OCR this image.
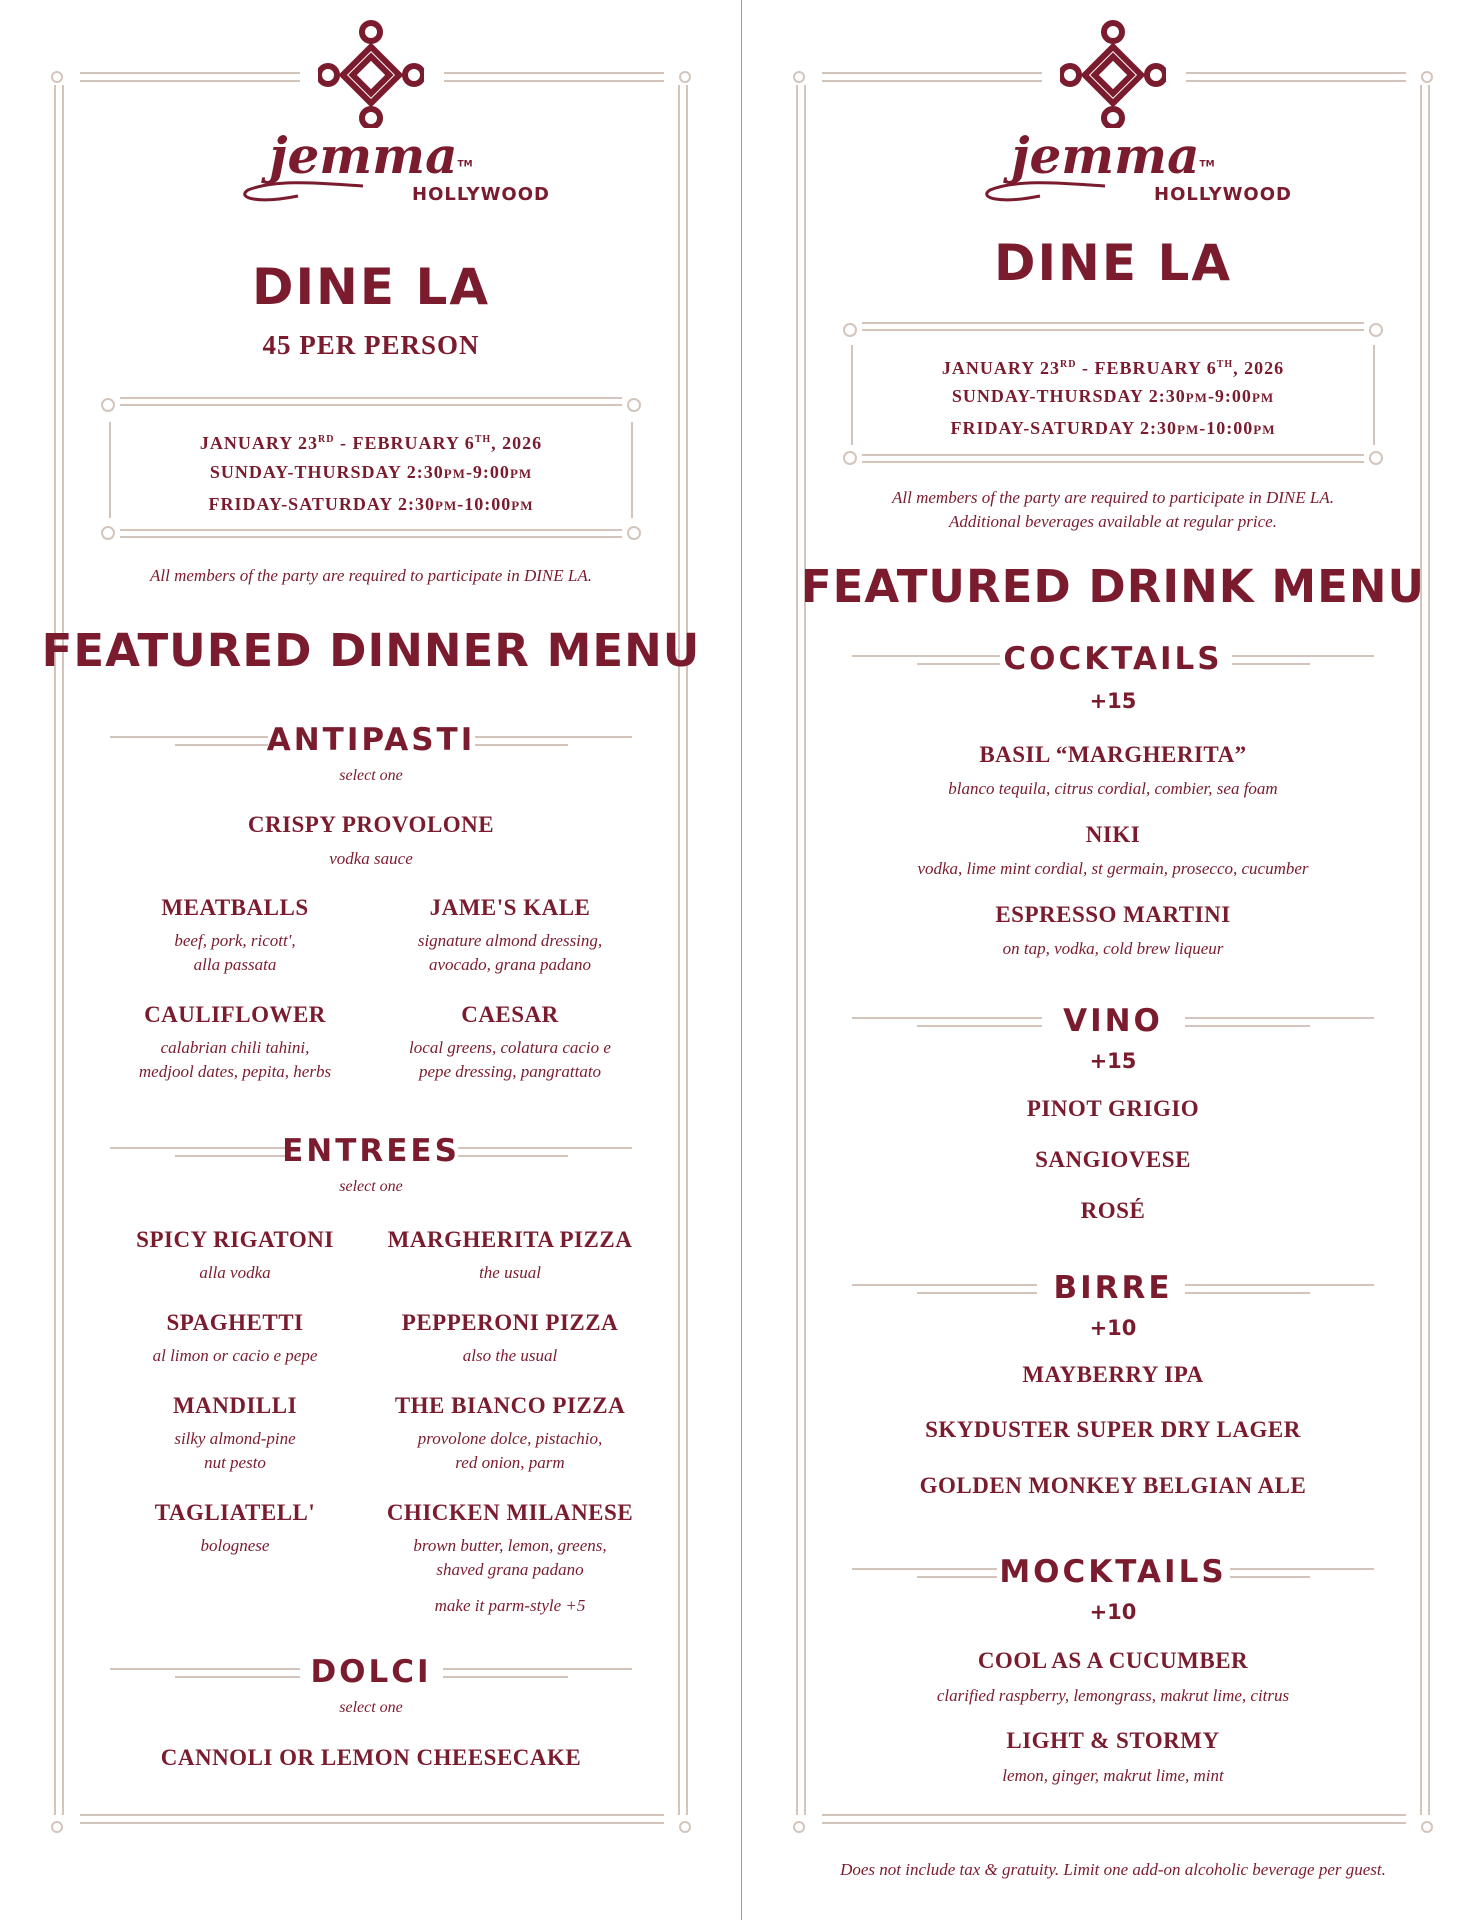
jemma™
HOLLYWOOD
DINE LA
45 PER PERSON
JANUARY 23RD - FEBRUARY 6TH, 2026
SUNDAY-THURSDAY 2:30PM-9:00PM
FRIDAY-SATURDAY 2:30PM-10:00PM
All members of the party are required to participate in DINE LA.
FEATURED DINNER MENU
ANTIPASTI
select one
CRISPY PROVOLONE
vodka sauce
MEATBALLS
beef, pork, ricott',
alla passata
JAME'S KALE
signature almond dressing,
avocado, grana padano
CAULIFLOWER
calabrian chili tahini,
medjool dates, pepita, herbs
CAESAR
local greens, colatura cacio e
pepe dressing, pangrattato
ENTREES
select one
SPICY RIGATONI
alla vodka
MARGHERITA PIZZA
the usual
SPAGHETTI
al limon or cacio e pepe
PEPPERONI PIZZA
also the usual
MANDILLI
silky almond-pine
nut pesto
THE BIANCO PIZZA
provolone dolce, pistachio,
red onion, parm
TAGLIATELL'
bolognese
CHICKEN MILANESE
brown butter, lemon, greens,
shaved grana padano
make it parm-style +5
DOLCI
select one
CANNOLI OR LEMON CHEESECAKE
jemma™
HOLLYWOOD
DINE LA
JANUARY 23RD - FEBRUARY 6TH, 2026
SUNDAY-THURSDAY 2:30PM-9:00PM
FRIDAY-SATURDAY 2:30PM-10:00PM
All members of the party are required to participate in DINE LA.
Additional beverages available at regular price.
FEATURED DRINK MENU
COCKTAILS
+15
BASIL “MARGHERITA”
blanco tequila, citrus cordial, combier, sea foam
NIKI
vodka, lime mint cordial, st germain, prosecco, cucumber
ESPRESSO MARTINI
on tap, vodka, cold brew liqueur
VINO
+15
PINOT GRIGIO
SANGIOVESE
ROSÉ
BIRRE
+10
MAYBERRY IPA
SKYDUSTER SUPER DRY LAGER
GOLDEN MONKEY BELGIAN ALE
MOCKTAILS
+10
COOL AS A CUCUMBER
clarified raspberry, lemongrass, makrut lime, citrus
LIGHT & STORMY
lemon, ginger, makrut lime, mint
Does not include tax & gratuity. Limit one add-on alcoholic beverage per guest.
